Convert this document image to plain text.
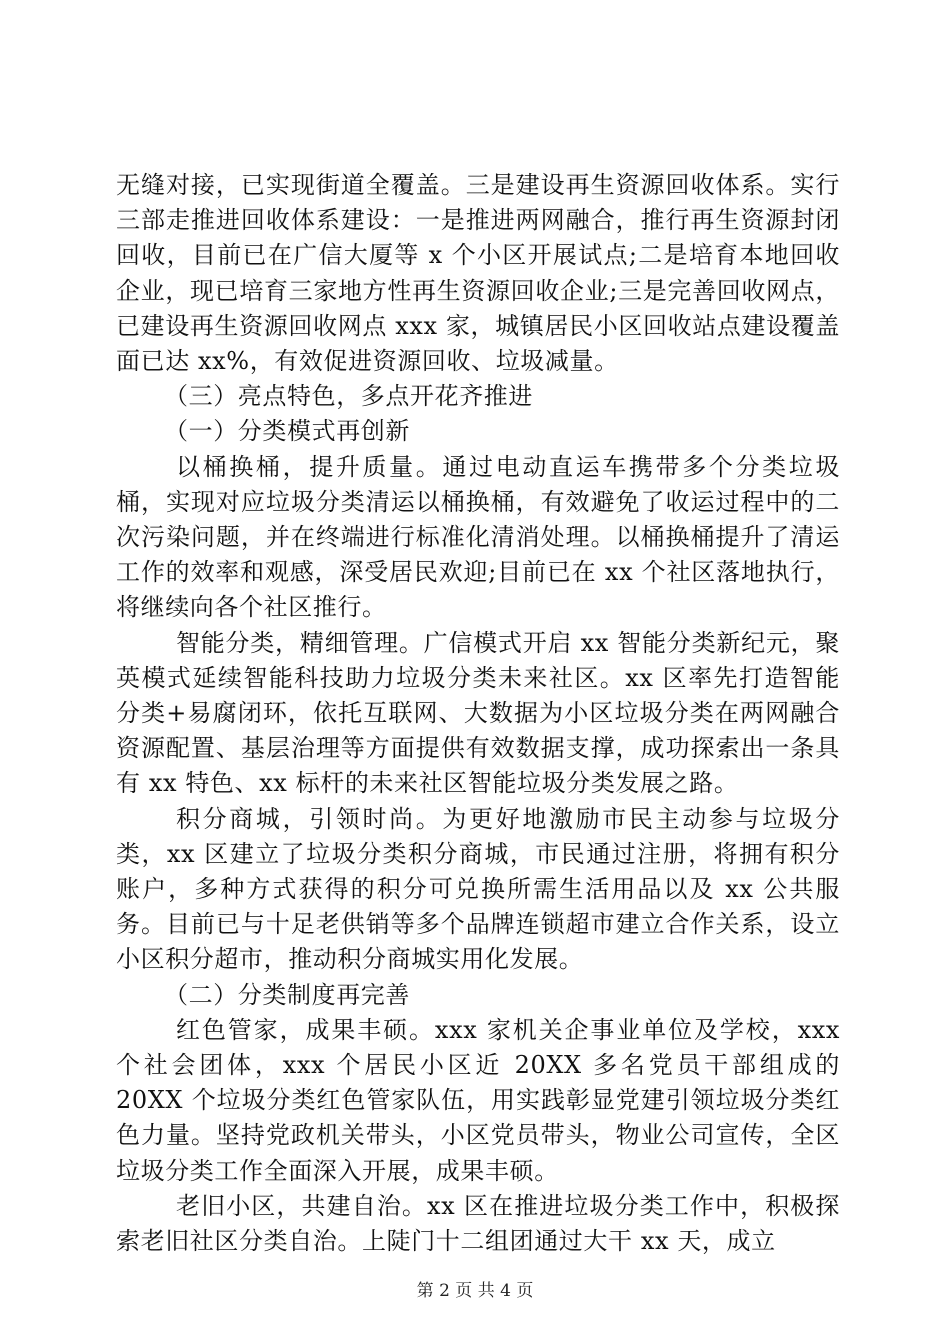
无缝对接，已实现街道全覆盖。三是建设再生资源回收体系。实行三部走推进回收体系建设：一是推进两网融合，推行再生资源封闭回收，目前已在广信大厦等 x 个小区开展试点;二是培育本地回收企业，现已培育三家地方性再生资源回收企业;三是完善回收网点，已建设再生资源回收网点 xxx 家，城镇居民小区回收站点建设覆盖面已达 xx%，有效促进资源回收、垃圾减量。

（三）亮点特色，多点开花齐推进

（一）分类模式再创新

以桶换桶，提升质量。通过电动直运车携带多个分类垃圾桶，实现对应垃圾分类清运以桶换桶，有效避免了收运过程中的二次污染问题，并在终端进行标准化清消处理。以桶换桶提升了清运工作的效率和观感，深受居民欢迎;目前已在 xx 个社区落地执行，将继续向各个社区推行。

智能分类，精细管理。广信模式开启 xx 智能分类新纪元，聚英模式延续智能科技助力垃圾分类未来社区。xx 区率先打造智能分类+易腐闭环，依托互联网、大数据为小区垃圾分类在两网融合资源配置、基层治理等方面提供有效数据支撑，成功探索出一条具有 xx 特色、xx 标杆的未来社区智能垃圾分类发展之路。

积分商城，引领时尚。为更好地激励市民主动参与垃圾分类，xx 区建立了垃圾分类积分商城，市民通过注册，将拥有积分账户，多种方式获得的积分可兑换所需生活用品以及 xx 公共服务。目前已与十足老供销等多个品牌连锁超市建立合作关系，设立小区积分超市，推动积分商城实用化发展。

（二）分类制度再完善

红色管家，成果丰硕。xxx 家机关企事业单位及学校，xxx 个社会团体，xxx 个居民小区近 20XX 多名党员干部组成的 20XX 个垃圾分类红色管家队伍，用实践彰显党建引领垃圾分类红色力量。坚持党政机关带头，小区党员带头，物业公司宣传，全区垃圾分类工作全面深入开展，成果丰硕。

老旧小区，共建自治。xx 区在推进垃圾分类工作中，积极探索老旧社区分类自治。上陡门十二组团通过大干 xx 天，成立

第 2 页 共 4 页
